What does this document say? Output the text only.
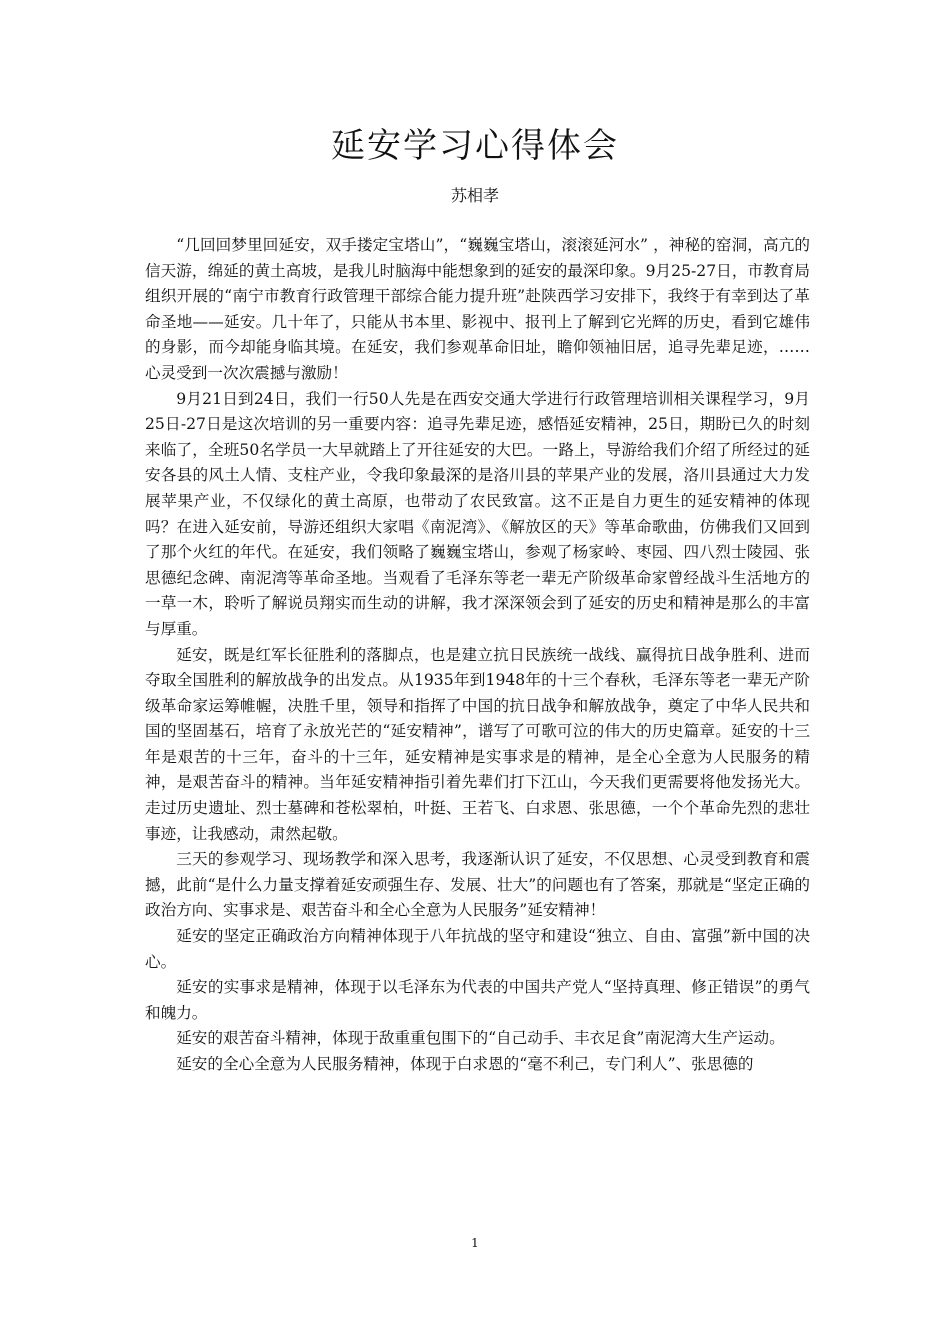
延安学习心得体会
苏相孝

“几回回梦里回延安，双手搂定宝塔山”，“巍巍宝塔山，滚滚延河水” ，神秘的窑洞，高亢的信天游，绵延的黄土高坡，是我儿时脑海中能想象到的延安的最深印象。9月25-27日，市教育局组织开展的“南宁市教育行政管理干部综合能力提升班”赴陕西学习安排下，我终于有幸到达了革命圣地——延安。几十年了，只能从书本里、影视中、报刊上了解到它光辉的历史，看到它雄伟的身影，而今却能身临其境。在延安，我们参观革命旧址，瞻仰领袖旧居，追寻先辈足迹，……心灵受到一次次震撼与激励！

9月21日到24日，我们一行50人先是在西安交通大学进行行政管理培训相关课程学习，9月25日-27日是这次培训的另一重要内容：追寻先辈足迹，感悟延安精神，25日，期盼已久的时刻来临了，全班50名学员一大早就踏上了开往延安的大巴。一路上，导游给我们介绍了所经过的延安各县的风土人情、支柱产业，令我印象最深的是洛川县的苹果产业的发展，洛川县通过大力发展苹果产业，不仅绿化的黄土高原，也带动了农民致富。这不正是自力更生的延安精神的体现吗？在进入延安前，导游还组织大家唱《南泥湾》、《解放区的天》等革命歌曲，仿佛我们又回到了那个火红的年代。在延安，我们领略了巍巍宝塔山，参观了杨家岭、枣园、四八烈士陵园、张思德纪念碑、南泥湾等革命圣地。当观看了毛泽东等老一辈无产阶级革命家曾经战斗生活地方的一草一木，聆听了解说员翔实而生动的讲解，我才深深领会到了延安的历史和精神是那么的丰富与厚重。

延安，既是红军长征胜利的落脚点，也是建立抗日民族统一战线、赢得抗日战争胜利、进而夺取全国胜利的解放战争的出发点。从1935年到1948年的十三个春秋，毛泽东等老一辈无产阶级革命家运筹帷幄，决胜千里，领导和指挥了中国的抗日战争和解放战争，奠定了中华人民共和国的坚固基石，培育了永放光芒的“延安精神”，谱写了可歌可泣的伟大的历史篇章。延安的十三年是艰苦的十三年，奋斗的十三年，延安精神是实事求是的精神，是全心全意为人民服务的精神，是艰苦奋斗的精神。当年延安精神指引着先辈们打下江山，今天我们更需要将他发扬光大。走过历史遗址、烈士墓碑和苍松翠柏，叶挺、王若飞、白求恩、张思德，一个个革命先烈的悲壮事迹，让我感动，肃然起敬。

三天的参观学习、现场教学和深入思考，我逐渐认识了延安，不仅思想、心灵受到教育和震撼，此前“是什么力量支撑着延安顽强生存、发展、壮大”的问题也有了答案，那就是“坚定正确的政治方向、实事求是、艰苦奋斗和全心全意为人民服务”延安精神！

延安的坚定正确政治方向精神体现于八年抗战的坚守和建设“独立、自由、富强”新中国的决心。

延安的实事求是精神，体现于以毛泽东为代表的中国共产党人“坚持真理、修正错误”的勇气和魄力。

延安的艰苦奋斗精神，体现于敌重重包围下的“自己动手、丰衣足食”南泥湾大生产运动。

延安的全心全意为人民服务精神，体现于白求恩的“毫不利己，专门利人”、张思德的

1
